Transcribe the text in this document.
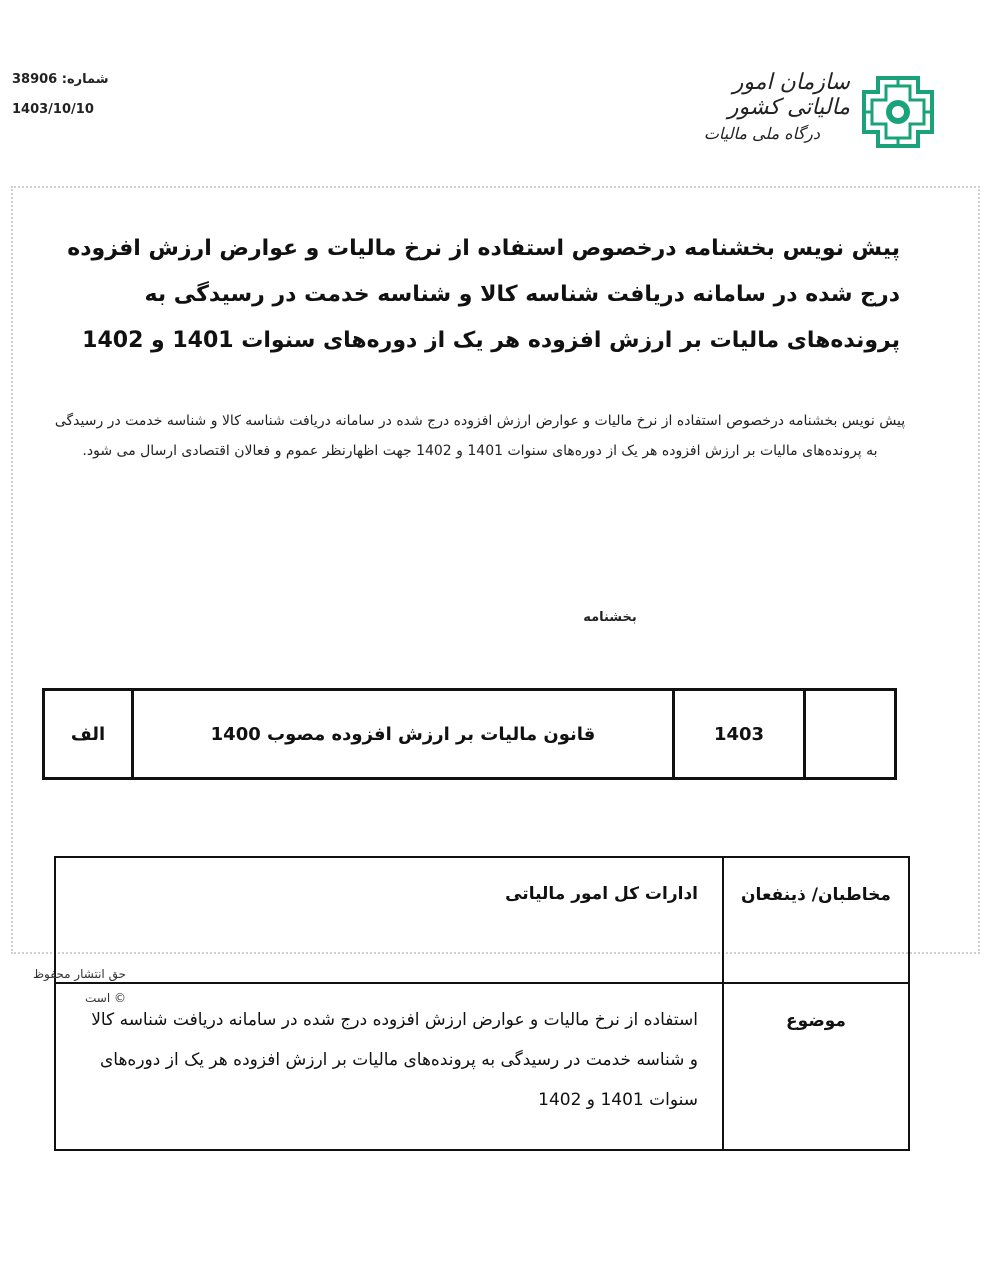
شماره: 38906
1403/10/10
سازمان امور مالیاتی کشور
درگاه ملی مالیات
پیش نویس بخشنامه درخصوص استفاده از نرخ مالیات و عوارض ارزش افزوده درج شده در سامانه دریافت شناسه کالا و شناسه خدمت در رسیدگی به پرونده‌های مالیات بر ارزش افزوده هر یک از دوره‌های سنوات 1401 و 1402
پیش نویس بخشنامه درخصوص استفاده از نرخ مالیات و عوارض ارزش افزوده درج شده در سامانه دریافت شناسه کالا و شناسه خدمت در رسیدگی به پرونده‌های مالیات بر ارزش افزوده هر یک از دوره‌های سنوات 1401 و 1402 جهت اظهارنظر عموم و فعالان اقتصادی ارسال می شود.
بخشنامه
	1403	قانون مالیات بر ارزش افزوده مصوب 1400	الف
مخاطبان/ ذینفعان	ادارات کل امور مالیاتی
موضوع	استفاده از نرخ مالیات و عوارض ارزش افزوده درج شده در سامانه دریافت شناسه کالا و شناسه خدمت در رسیدگی به پرونده‌های مالیات بر ارزش افزوده هر یک از دوره‌های سنوات 1401 و 1402
حق انتشار محفوظ
© است
